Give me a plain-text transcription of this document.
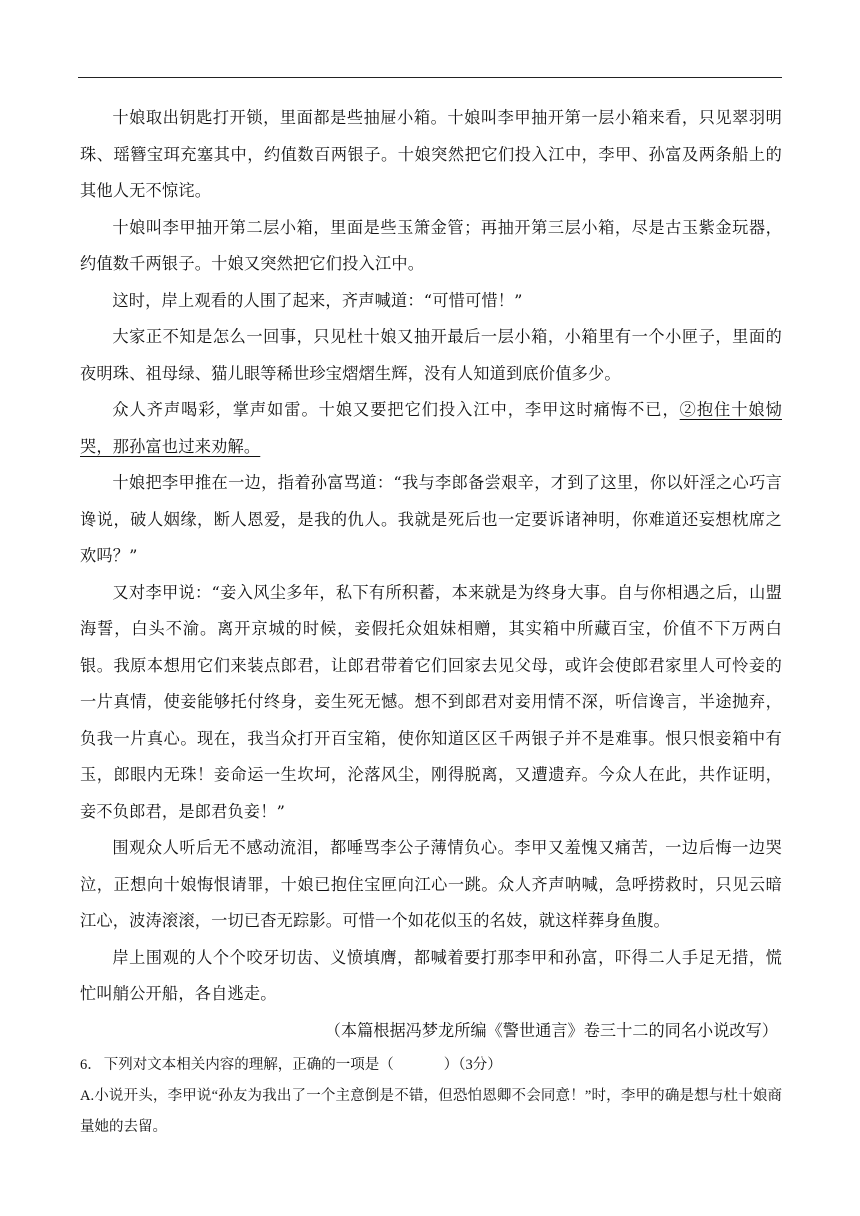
十娘取出钥匙打开锁，里面都是些抽屉小箱。十娘叫李甲抽开第一层小箱来看，只见翠羽明珠、瑶簪宝珥充塞其中，约值数百两银子。十娘突然把它们投入江中，李甲、孙富及两条船上的其他人无不惊诧。

十娘叫李甲抽开第二层小箱，里面是些玉箫金管；再抽开第三层小箱，尽是古玉紫金玩器，约值数千两银子。十娘又突然把它们投入江中。

这时，岸上观看的人围了起来，齐声喊道：“可惜可惜！”

大家正不知是怎么一回事，只见杜十娘又抽开最后一层小箱，小箱里有一个小匣子，里面的夜明珠、祖母绿、猫儿眼等稀世珍宝熠熠生辉，没有人知道到底价值多少。

众人齐声喝彩，掌声如雷。十娘又要把它们投入江中，李甲这时痛悔不已，②抱住十娘恸哭，那孙富也过来劝解。

十娘把李甲推在一边，指着孙富骂道：“我与李郎备尝艰辛，才到了这里，你以奸淫之心巧言谗说，破人姻缘，断人恩爱，是我的仇人。我就是死后也一定要诉诸神明，你难道还妄想枕席之欢吗？”

又对李甲说：“妾入风尘多年，私下有所积蓄，本来就是为终身大事。自与你相遇之后，山盟海誓，白头不渝。离开京城的时候，妾假托众姐妹相赠，其实箱中所藏百宝，价值不下万两白银。我原本想用它们来装点郎君，让郎君带着它们回家去见父母，或许会使郎君家里人可怜妾的一片真情，使妾能够托付终身，妾生死无憾。想不到郎君对妾用情不深，听信谗言，半途抛弃，负我一片真心。现在，我当众打开百宝箱，使你知道区区千两银子并不是难事。恨只恨妾箱中有玉，郎眼内无珠！妾命运一生坎坷，沦落风尘，刚得脱离，又遭遗弃。今众人在此，共作证明，妾不负郎君，是郎君负妾！”

围观众人听后无不感动流泪，都唾骂李公子薄情负心。李甲又羞愧又痛苦，一边后悔一边哭泣，正想向十娘悔恨请罪，十娘已抱住宝匣向江心一跳。众人齐声呐喊，急呼捞救时，只见云暗江心，波涛滚滚，一切已杳无踪影。可惜一个如花似玉的名妓，就这样葬身鱼腹。

岸上围观的人个个咬牙切齿、义愤填膺，都喊着要打那李甲和孙富，吓得二人手足无措，慌忙叫艄公开船，各自逃走。

（本篇根据冯梦龙所编《警世通言》卷三十二的同名小说改写）

6． 下列对文本相关内容的理解，正确的一项是（	）（3分）

A.小说开头，李甲说“孙友为我出了一个主意倒是不错，但恐怕恩卿不会同意！”时，李甲的确是想与杜十娘商量她的去留。
